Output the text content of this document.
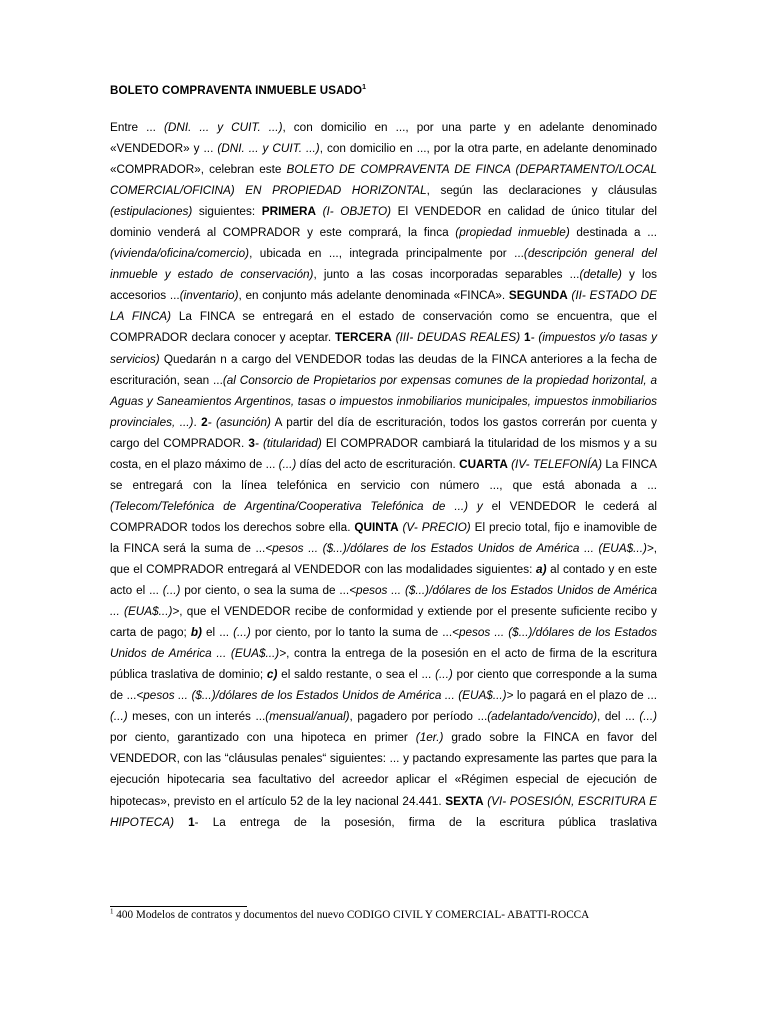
BOLETO COMPRAVENTA INMUEBLE USADO$^1$

Entre ... (DNI. ... y CUIT. ...), con domicilio en ..., por una parte y en adelante denominado «VENDEDOR» y ... (DNI. ... y CUIT. ...), con domicilio en ..., por la otra parte, en adelante denominado «COMPRADOR», celebran este BOLETO DE COMPRAVENTA DE FINCA (DEPARTAMENTO/LOCAL COMERCIAL/OFICINA) EN PROPIEDAD HORIZONTAL, según las declaraciones y cláusulas (estipulaciones) siguientes: PRIMERA (I- OBJETO) El VENDEDOR en calidad de único titular del dominio venderá al COMPRADOR y este comprará, la finca (propiedad inmueble) destinada a ...(vivienda/oficina/comercio), ubicada en ..., integrada principalmente por ...(descripción general del inmueble y estado de conservación), junto a las cosas incorporadas separables ...(detalle) y los accesorios ...(inventario), en conjunto más adelante denominada «FINCA». SEGUNDA (II- ESTADO DE LA FINCA) La FINCA se entregará en el estado de conservación como se encuentra, que el COMPRADOR declara conocer y aceptar. TERCERA (III- DEUDAS REALES) 1- (impuestos y/o tasas y servicios) Quedarán n a cargo del VENDEDOR todas las deudas de la FINCA anteriores a la fecha de escrituración, sean ...(al Consorcio de Propietarios por expensas comunes de la propiedad horizontal, a Aguas y Saneamientos Argentinos, tasas o impuestos inmobiliarios municipales, impuestos inmobiliarios provinciales, ...). 2- (asunción) A partir del día de escrituración, todos los gastos correrán por cuenta y cargo del COMPRADOR. 3- (titularidad) El COMPRADOR cambiará la titularidad de los mismos y a su costa, en el plazo máximo de ... (...) días del acto de escrituración. CUARTA (IV- TELEFONÍA) La FINCA se entregará con la línea telefónica en servicio con número ..., que está abonada a ...(Telecom/Telefónica de Argentina/Cooperativa Telefónica de ...) y el VENDEDOR le cederá al COMPRADOR todos los derechos sobre ella. QUINTA (V- PRECIO) El precio total, fijo e inamovible de la FINCA será la suma de ...<pesos ... ($...)/dólares de los Estados Unidos de América ... (EUA$...)>, que el COMPRADOR entregará al VENDEDOR con las modalidades siguientes: a) al contado y en este acto el ... (...) por ciento, o sea la suma de ...<pesos ... ($...)/dólares de los Estados Unidos de América ... (EUA$...)>, que el VENDEDOR recibe de conformidad y extiende por el presente suficiente recibo y carta de pago; b) el ... (...) por ciento, por lo tanto la suma de ...<pesos ... ($...)/dólares de los Estados Unidos de América ... (EUA$...)>, contra la entrega de la posesión en el acto de firma de la escritura pública traslativa de dominio; c) el saldo restante, o sea el ... (...) por ciento que corresponde a la suma de ...<pesos ... ($...)/dólares de los Estados Unidos de América ... (EUA$...)> lo pagará en el plazo de ... (...) meses, con un interés ...(mensual/anual), pagadero por período ...(adelantado/vencido), del ... (...) por ciento, garantizado con una hipoteca en primer (1er.) grado sobre la FINCA en favor del VENDEDOR, con las “cláusulas penales“ siguientes: ... y pactando expresamente las partes que para la ejecución hipotecaria sea facultativo del acreedor aplicar el «Régimen especial de ejecución de hipotecas», previsto en el artículo 52 de la ley nacional 24.441. SEXTA (VI- POSESIÓN, ESCRITURA E HIPOTECA) 1- La entrega de la posesión, firma de la escritura pública traslativa

$^1$ 400 Modelos de contratos y documentos del nuevo CODIGO CIVIL Y COMERCIAL- ABATTI-ROCCA
